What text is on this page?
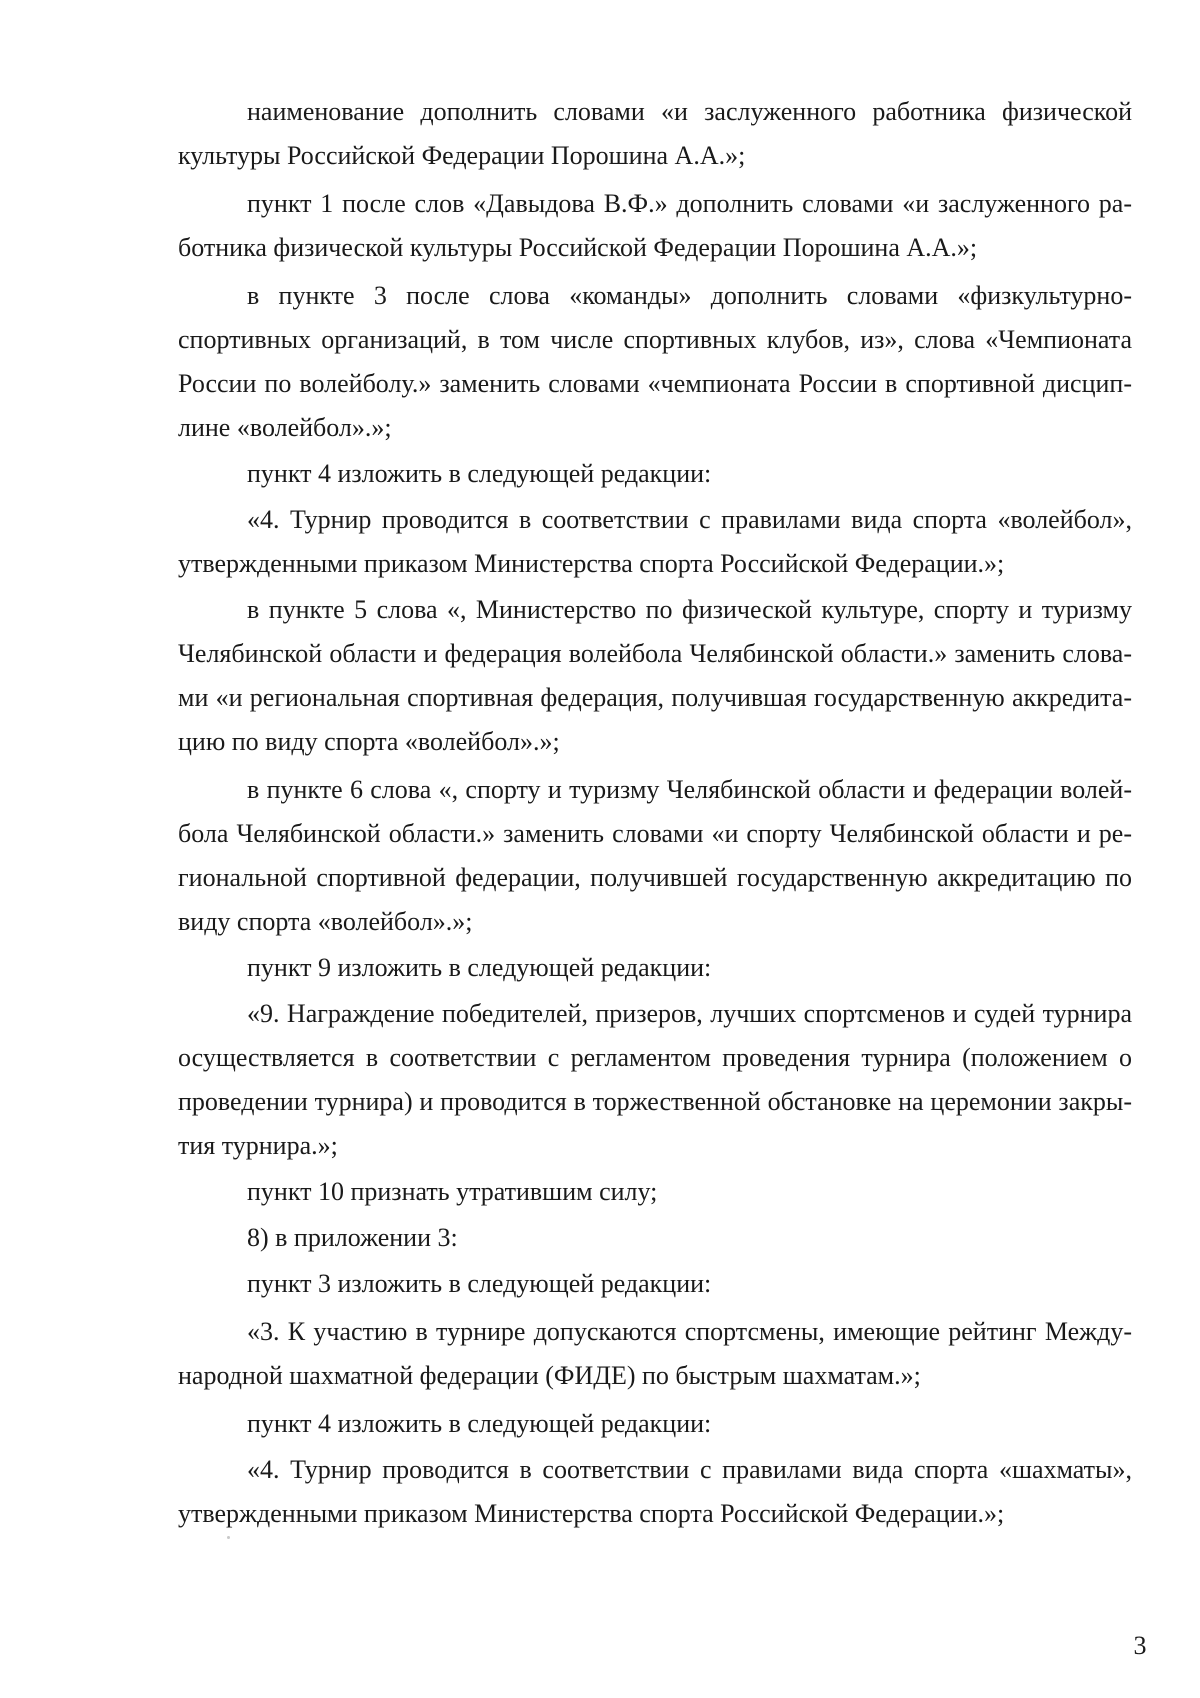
наименование дополнить словами «и заслуженного работника физической
культуры Российской Федерации Порошина А.А.»;
пункт 1 после слов «Давыдова В.Ф.» дополнить словами «и заслуженного ра-
ботника физической культуры Российской Федерации Порошина А.А.»;
в пункте 3 после слова «команды» дополнить словами «физкультурно-
спортивных организаций, в том числе спортивных клубов, из», слова «Чемпионата
России по волейболу.» заменить словами «чемпионата России в спортивной дисцип-
лине «волейбол».»;
пункт 4 изложить в следующей редакции:
«4. Турнир проводится в соответствии с правилами вида спорта «волейбол»,
утвержденными приказом Министерства спорта Российской Федерации.»;
в пункте 5 слова «, Министерство по физической культуре, спорту и туризму
Челябинской области и федерация волейбола Челябинской области.» заменить слова-
ми «и региональная спортивная федерация, получившая государственную аккредита-
цию по виду спорта «волейбол».»;
в пункте 6 слова «, спорту и туризму Челябинской области и федерации волей-
бола Челябинской области.» заменить словами «и спорту Челябинской области и ре-
гиональной спортивной федерации, получившей государственную аккредитацию по
виду спорта «волейбол».»;
пункт 9 изложить в следующей редакции:
«9. Награждение победителей, призеров, лучших спортсменов и судей турнира
осуществляется в соответствии с регламентом проведения турнира (положением о
проведении турнира) и проводится в торжественной обстановке на церемонии закры-
тия турнира.»;
пункт 10 признать утратившим силу;
8) в приложении 3:
пункт 3 изложить в следующей редакции:
«3. К участию в турнире допускаются спортсмены, имеющие рейтинг Между-
народной шахматной федерации (ФИДЕ) по быстрым шахматам.»;
пункт 4 изложить в следующей редакции:
«4. Турнир проводится в соответствии с правилами вида спорта «шахматы»,
утвержденными приказом Министерства спорта Российской Федерации.»;
3
